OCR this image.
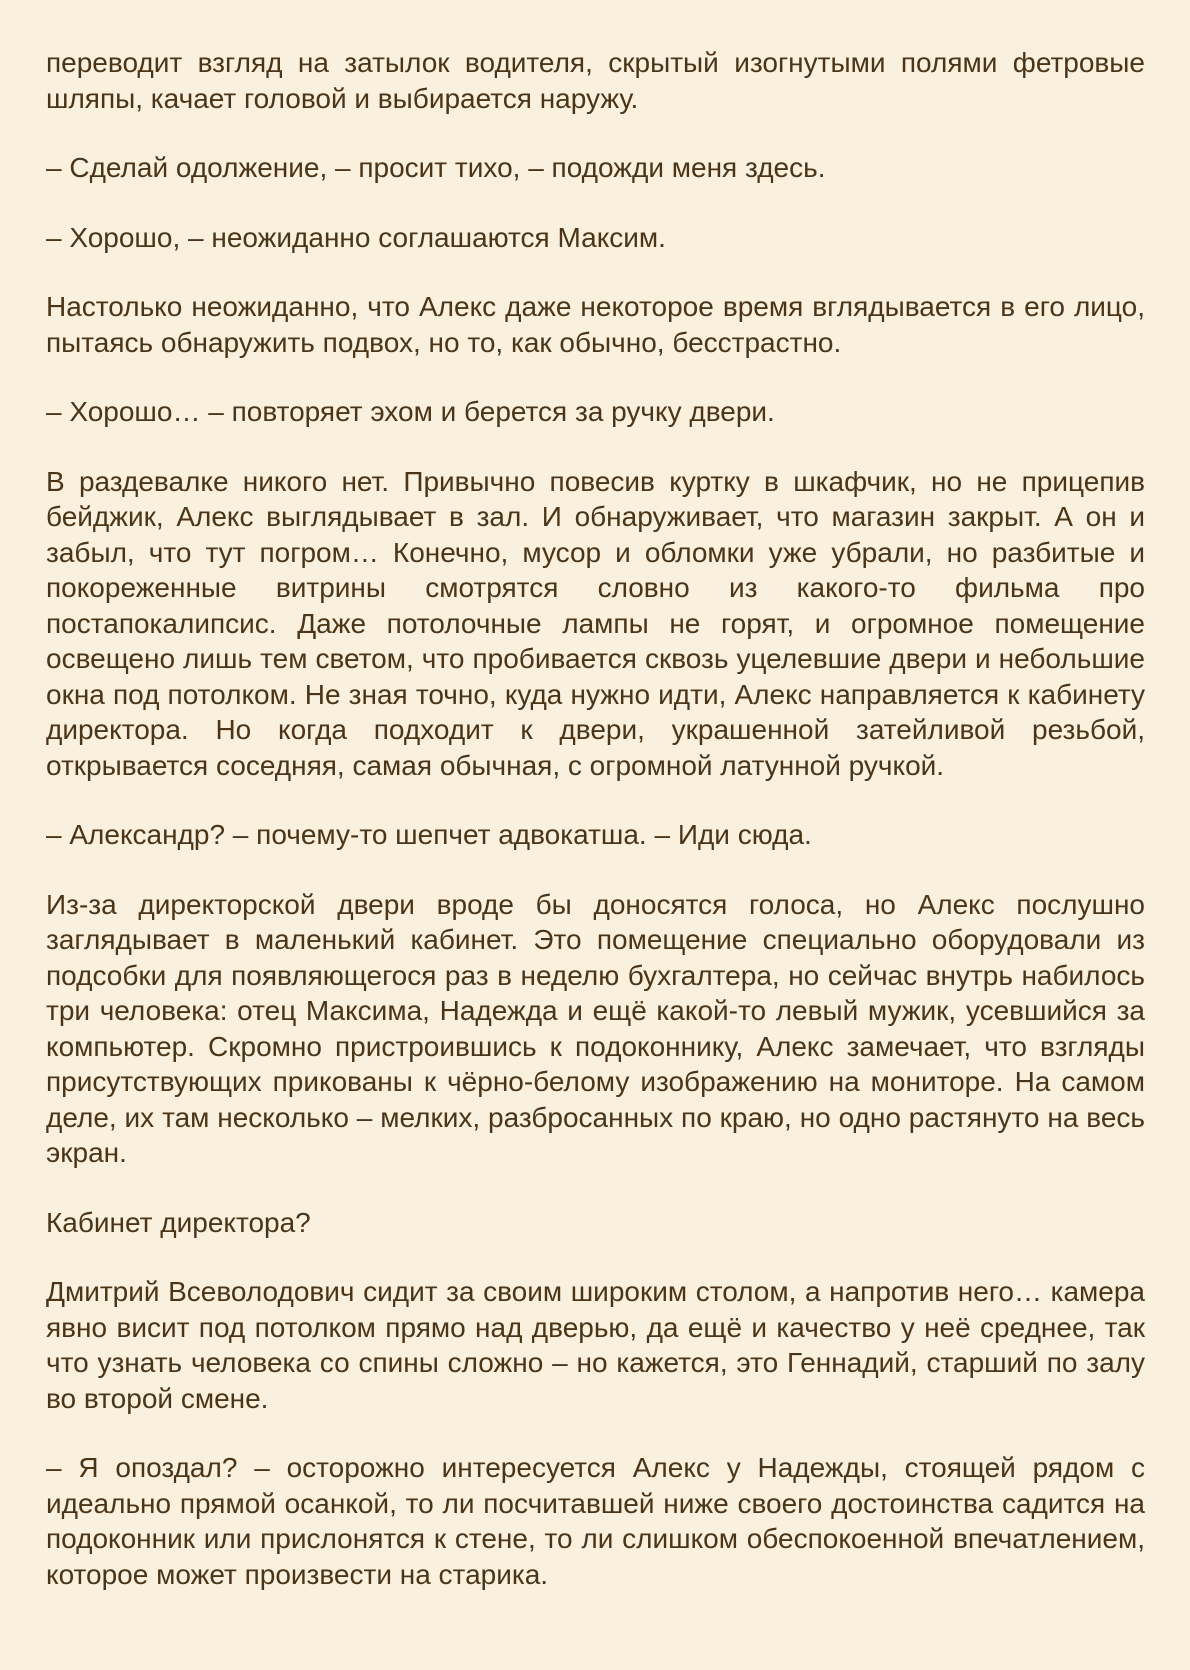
переводит взгляд на затылок водителя, скрытый изогнутыми полями фетровые шляпы, качает головой и выбирается наружу.

– Сделай одолжение, – просит тихо, – подожди меня здесь.

– Хорошо, – неожиданно соглашаются Максим.

Настолько неожиданно, что Алекс даже некоторое время вглядывается в его лицо, пытаясь обнаружить подвох, но то, как обычно, бесстрастно.

– Хорошо… – повторяет эхом и берется за ручку двери.

В раздевалке никого нет. Привычно повесив куртку в шкафчик, но не прицепив бейджик, Алекс выглядывает в зал. И обнаруживает, что магазин закрыт. А он и забыл, что тут погром… Конечно, мусор и обломки уже убрали, но разбитые и покореженные витрины смотрятся словно из какого-то фильма про постапокалипсис. Даже потолочные лампы не горят, и огромное помещение освещено лишь тем светом, что пробивается сквозь уцелевшие двери и небольшие окна под потолком. Не зная точно, куда нужно идти, Алекс направляется к кабинету директора. Но когда подходит к двери, украшенной затейливой резьбой, открывается соседняя, самая обычная, с огромной латунной ручкой.

– Александр? – почему-то шепчет адвокатша. – Иди сюда.

Из-за директорской двери вроде бы доносятся голоса, но Алекс послушно заглядывает в маленький кабинет. Это помещение специально оборудовали из подсобки для появляющегося раз в неделю бухгалтера, но сейчас внутрь набилось три человека: отец Максима, Надежда и ещё какой-то левый мужик, усевшийся за компьютер. Скромно пристроившись к подоконнику, Алекс замечает, что взгляды присутствующих прикованы к чёрно-белому изображению на мониторе. На самом деле, их там несколько – мелких, разбросанных по краю, но одно растянуто на весь экран.

Кабинет директора?

Дмитрий Всеволодович сидит за своим широким столом, а напротив него… камера явно висит под потолком прямо над дверью, да ещё и качество у неё среднее, так что узнать человека со спины сложно – но кажется, это Геннадий, старший по залу во второй смене.

– Я опоздал? – осторожно интересуется Алекс у Надежды, стоящей рядом с идеально прямой осанкой, то ли посчитавшей ниже своего достоинства садится на подоконник или прислонятся к стене, то ли слишком обеспокоенной впечатлением, которое может произвести на старика.
